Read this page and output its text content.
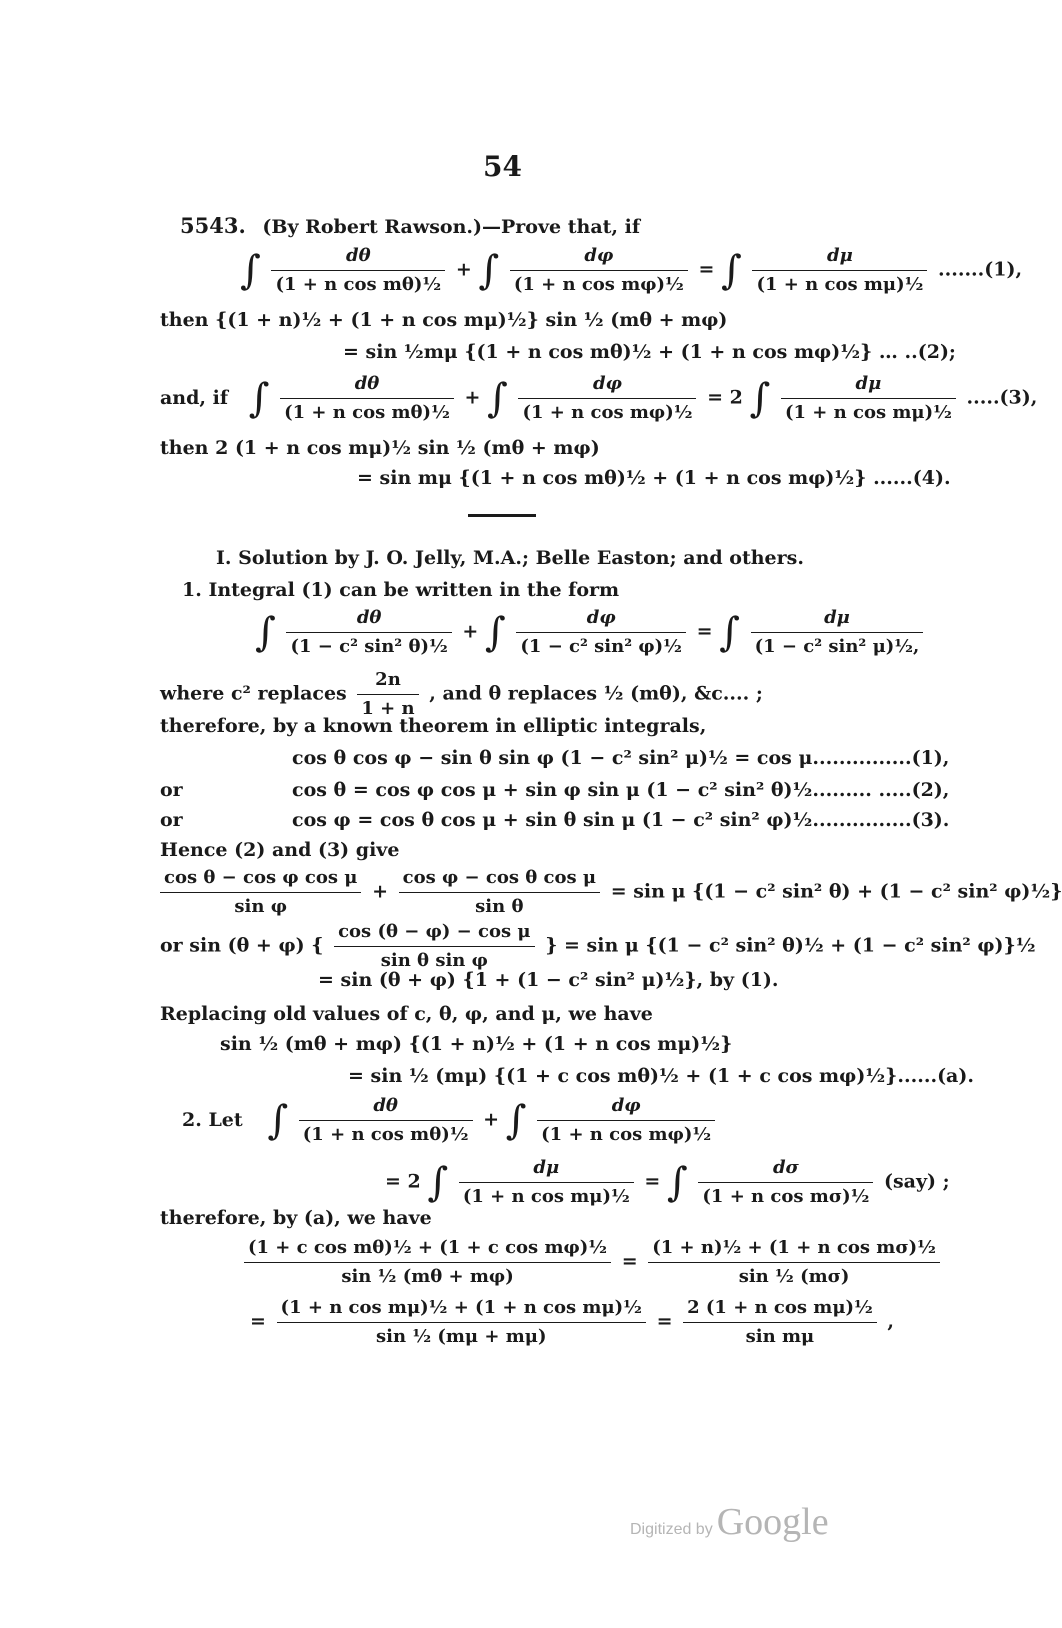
54
5543. (By Robert Rawson.)—Prove that, if
∫ $\frac{d\theta}{\text{(1 + n cos mθ)½}}$ + ∫ $\frac{d\varphi}{\text{(1 + n cos mφ)½}}$ = ∫ $\frac{d\mu}{\text{(1 + n cos mμ)½}} .......(1)$,
then {(1 + n)½ + (1 + n cos mμ)½} sin ½ (mθ + mφ)
= sin ½mμ {(1 + n cos mθ)½ + (1 + n cos mφ)½} … ..(2);
and, if ∫ $\frac{d\theta}{\text{(1 + n cos mθ)½}}$ + ∫ $\frac{d\varphi}{\text{(1 + n cos mφ)½}} = 2$ ∫ $\frac{d\mu}{\text{(1 + n cos mμ)½}} .....(3)$,
then 2 (1 + n cos mμ)½ sin ½ (mθ + mφ)
= sin mμ {(1 + n cos mθ)½ + (1 + n cos mφ)½} ......(4).
I. Solution by J. O. Jelly, M.A.; Belle Easton; and others.
1. Integral (1) can be written in the form
∫ $\frac{d\theta}{\text{(1 − c² sin² θ)½}}$ + ∫ $\frac{d\varphi}{\text{(1 − c² sin² φ)½}}$ = ∫ $\frac{d\mu}{\text{(1 − c² sin² μ)½,}}$
where c² replaces $\frac{2n}{1 + n}$ , and θ replaces ½ (mθ), &c.... ;
therefore, by a known theorem in elliptic integrals,
cos θ cos φ − sin θ sin φ (1 − c² sin² μ)½ = cos μ...............(1),
or	cos θ = cos φ cos μ + sin φ sin μ (1 − c² sin² θ)½......... .....(2),
or	cos φ = cos θ cos μ + sin θ sin μ (1 − c² sin² φ)½...............(3).
Hence (2) and (3) give
$\frac{\text{cos θ − cos φ cos μ}}{\text{sin φ}} + \frac{\text{cos φ − cos θ cos μ}}{\text{sin θ}} = \sin \mu$ {(1 − c² sin² θ) + (1 − c² sin² φ)½}
or sin (θ + φ) { $\frac{\text{cos (θ − φ) − cos μ}}{\text{sin θ sin φ}}$ } = sin μ {(1 − c² sin² θ)½ + (1 − c² sin² φ)}½
= sin (θ + φ) {1 + (1 − c² sin² μ)½}, by (1).
Replacing old values of c, θ, φ, and μ, we have
sin ½ (mθ + mφ) {(1 + n)½ + (1 + n cos mμ)½}
= sin ½ (mμ) {(1 + c cos mθ)½ + (1 + c cos mφ)½}......(a).
2. Let ∫ $\frac{d\theta}{\text{(1 + n cos mθ)½}}$ + ∫ $\frac{d\varphi}{\text{(1 + n cos mφ)½}}$
= 2 ∫ $\frac{d\mu}{\text{(1 + n cos mμ)½}}$ = ∫ $\frac{d\sigma}{\text{(1 + n cos mσ)½}} (say)$ ;
therefore, by (a), we have
$\frac{\text{(1 + c cos mθ)½ + (1 + c cos mφ)½}}{\text{sin ½ (mθ + mφ)}} = \frac{\text{(1 + n)½ + (1 + n cos mσ)½}}{\text{sin ½ (mσ)}}$
= $\frac{\text{(1 + n cos mμ)½ + (1 + n cos mμ)½}}{\text{sin ½ (mμ + mμ)}} = \frac{\text{2 (1 + n cos mμ)½}}{\text{sin mμ}}$ ,
Digitized by Google
